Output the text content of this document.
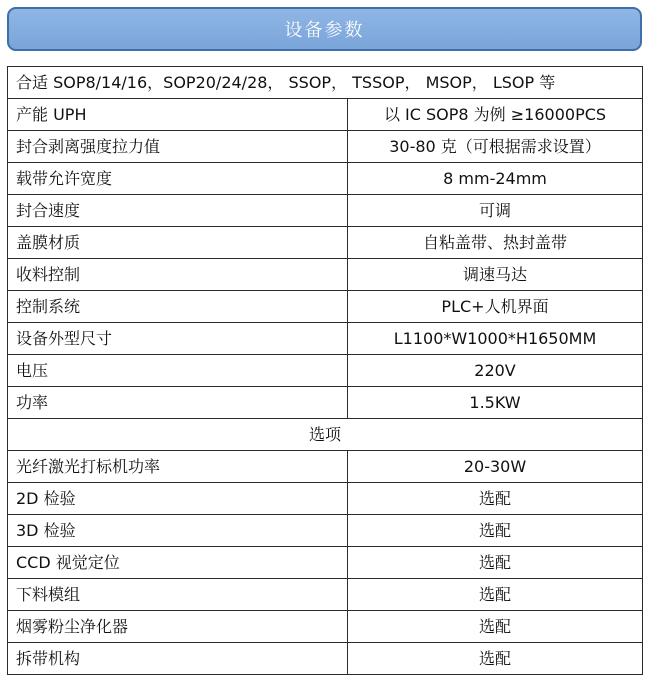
设备参数
合适 SOP8/14/16，SOP20/24/28， SSOP， TSSOP， MSOP， LSOP 等	
产能 UPH	以 IC SOP8 为例 ≥16000PCS
封合剥离强度拉力值	30-80 克（可根据需求设置）
载带允许宽度	8 mm-24mm
封合速度	可调
盖膜材质	自粘盖带、热封盖带
收料控制	调速马达
控制系统	PLC+人机界面
设备外型尺寸	L1100*W1000*H1650MM
电压	220V
功率	1.5KW
选项	
光纤激光打标机功率	20-30W
2D 检验	选配
3D 检验	选配
CCD 视觉定位	选配
下料模组	选配
烟雾粉尘净化器	选配
拆带机构	选配
